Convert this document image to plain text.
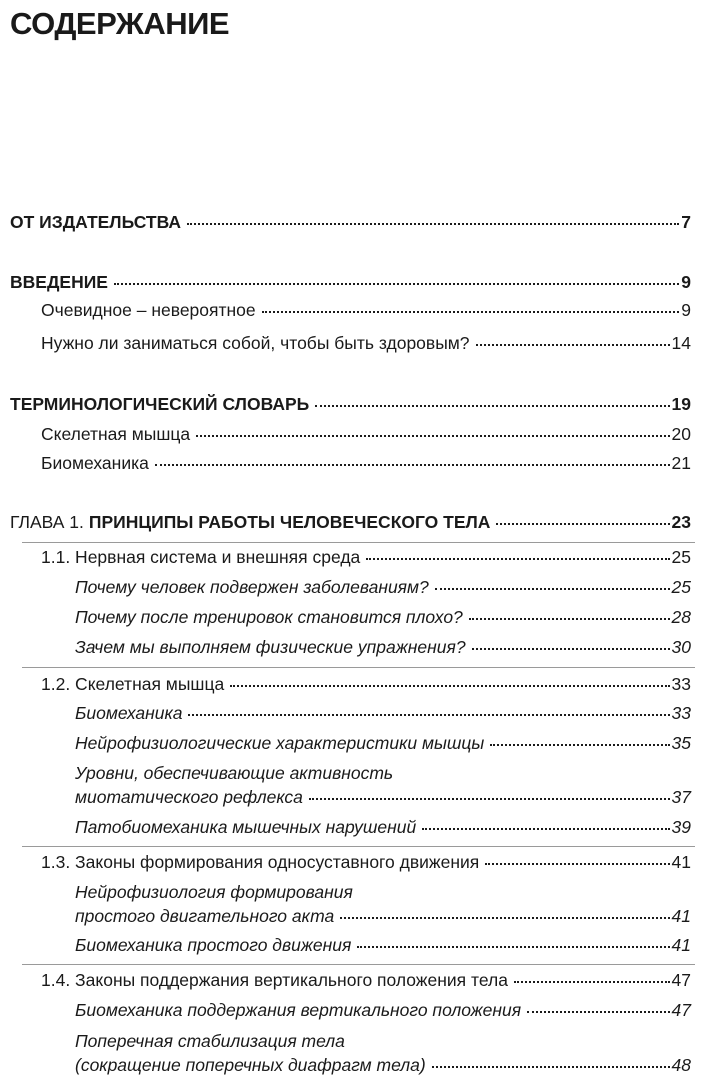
СОДЕРЖАНИЕ
ОТ ИЗДАТЕЛЬСТВА	7
ВВЕДЕНИЕ	9
Очевидное – невероятное	9
Нужно ли заниматься собой, чтобы быть здоровым?	14
ТЕРМИНОЛОГИЧЕСКИЙ СЛОВАРЬ	19
Скелетная мышца	20
Биомеханика	21
ГЛАВА 1. ПРИНЦИПЫ РАБОТЫ ЧЕЛОВЕЧЕСКОГО ТЕЛА	23
1.1. Нервная система и внешняя среда	25
Почему человек подвержен заболеваниям?	25
Почему после тренировок становится плохо?	28
Зачем мы выполняем физические упражнения?	30
1.2. Скелетная мышца	33
Биомеханика	33
Нейрофизиологические характеристики мышцы	35
Уровни, обеспечивающие активность
миотатического рефлекса	37
Патобиомеханика мышечных нарушений	39
1.3. Законы формирования односуставного движения	41
Нейрофизиология формирования
простого двигательного акта	41
Биомеханика простого движения	41
1.4. Законы поддержания вертикального положения тела	47
Биомеханика поддержания вертикального положения	47
Поперечная стабилизация тела
(сокращение поперечных диафрагм тела)	48
